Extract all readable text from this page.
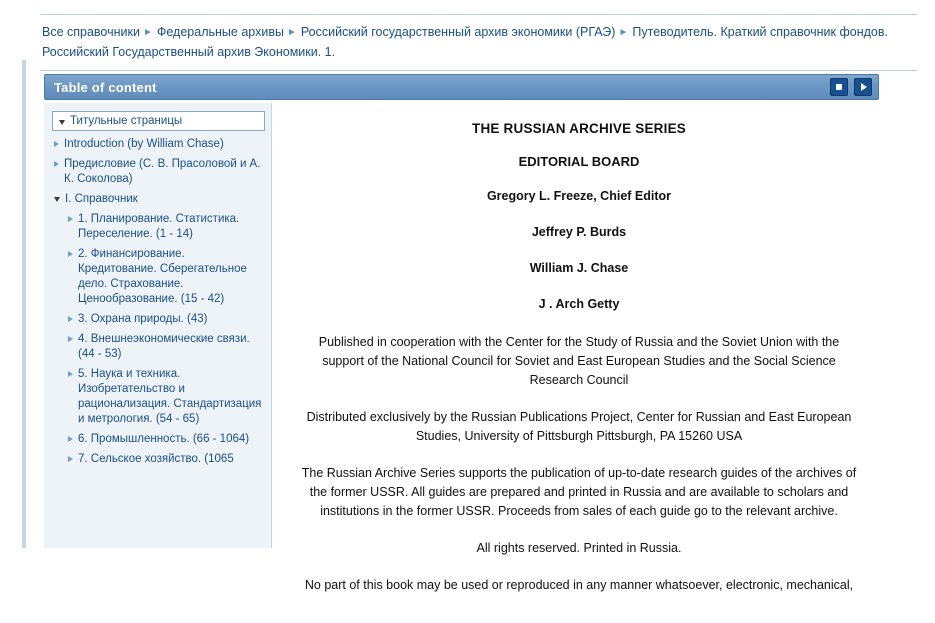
Все справочники ► Федеральные архивы ► Российский государственный архив экономики (РГАЭ) ► Путеводитель. Краткий справочник фондов. Российский Государственный архив Экономики. 1.
Table of content
Титульные страницы
Introduction (by William Chase)
Предисловие (С. В. Прасоловой и А. К. Соколова)
I. Справочник
1. Планирование. Статистика. Переселение. (1 - 14)
2. Финансирование. Кредитование. Сберегательное дело. Страхование. Ценообразование. (15 - 42)
3. Охрана природы. (43)
4. Внешнеэкономические связи. (44 - 53)
5. Наука и техника. Изобретательство и рационализация. Стандартизация и метрология. (54 - 65)
6. Промышленность. (66 - 1064)
7. Сельское хозяйство. (1065
THE RUSSIAN ARCHIVE SERIES
EDITORIAL BOARD
Gregory L. Freeze, Chief Editor
Jeffrey P. Burds
William J. Chase
J . Arch Getty
Published in cooperation with the Center for the Study of Russia and the Soviet Union with the support of the National Council for Soviet and East European Studies and the Social Science Research Council
Distributed exclusively by the Russian Publications Project, Center for Russian and East European Studies, University of Pittsburgh Pittsburgh, PA 15260 USA
The Russian Archive Series supports the publication of up-to-date research guides of the archives of the former USSR. All guides are prepared and printed in Russia and are available to scholars and institutions in the former USSR. Proceeds from sales of each guide go to the relevant archive.
All rights reserved. Printed in Russia.
No part of this book may be used or reproduced in any manner whatsoever, electronic, mechanical,
